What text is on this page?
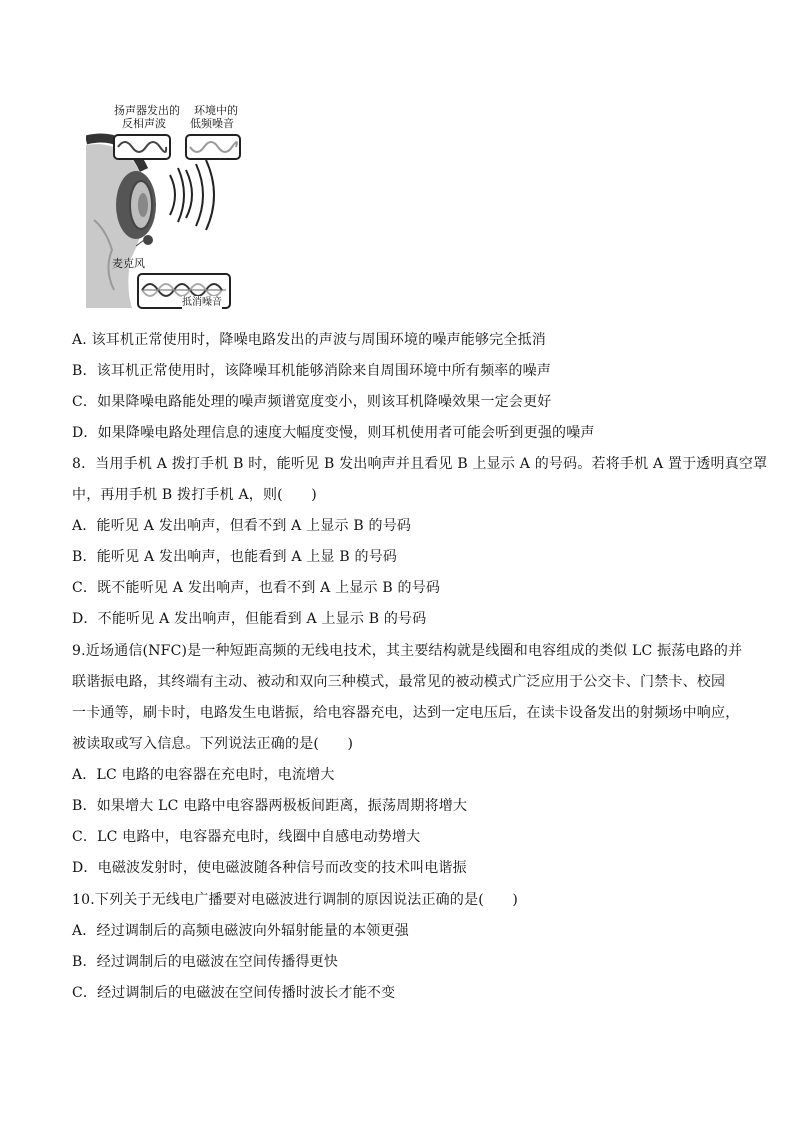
扬声器发出的
反相声波
环境中的
低频噪音
麦克风
抵消噪音
A. 该耳机正常使用时，降噪电路发出的声波与周围环境的噪声能够完全抵消
B．该耳机正常使用时，该降噪耳机能够消除来自周围环境中所有频率的噪声
C．如果降噪电路能处理的噪声频谱宽度变小，则该耳机降噪效果一定会更好
D．如果降噪电路处理信息的速度大幅度变慢，则耳机使用者可能会听到更强的噪声
8．当用手机 A 拨打手机 B 时，能听见 B 发出响声并且看见 B 上显示 A 的号码。若将手机 A 置于透明真空罩
中，再用手机 B 拨打手机 A，则(　　)
A．能听见 A 发出响声，但看不到 A 上显示 B 的号码
B．能听见 A 发出响声，也能看到 A 上显 B 的号码
C．既不能听见 A 发出响声，也看不到 A 上显示 B 的号码
D．不能听见 A 发出响声，但能看到 A 上显示 B 的号码
9.近场通信(NFC)是一种短距高频的无线电技术，其主要结构就是线圈和电容组成的类似 LC 振荡电路的并
联谐振电路，其终端有主动、被动和双向三种模式，最常见的被动模式广泛应用于公交卡、门禁卡、校园
一卡通等，刷卡时，电路发生电谐振，给电容器充电，达到一定电压后，在读卡设备发出的射频场中响应，
被读取或写入信息。下列说法正确的是(　　)
A．LC 电路的电容器在充电时，电流增大
B．如果增大 LC 电路中电容器两极板间距离，振荡周期将增大
C．LC 电路中，电容器充电时，线圈中自感电动势增大
D．电磁波发射时，使电磁波随各种信号而改变的技术叫电谐振
10.下列关于无线电广播要对电磁波进行调制的原因说法正确的是(　　)
A．经过调制后的高频电磁波向外辐射能量的本领更强
B．经过调制后的电磁波在空间传播得更快
C．经过调制后的电磁波在空间传播时波长才能不变
